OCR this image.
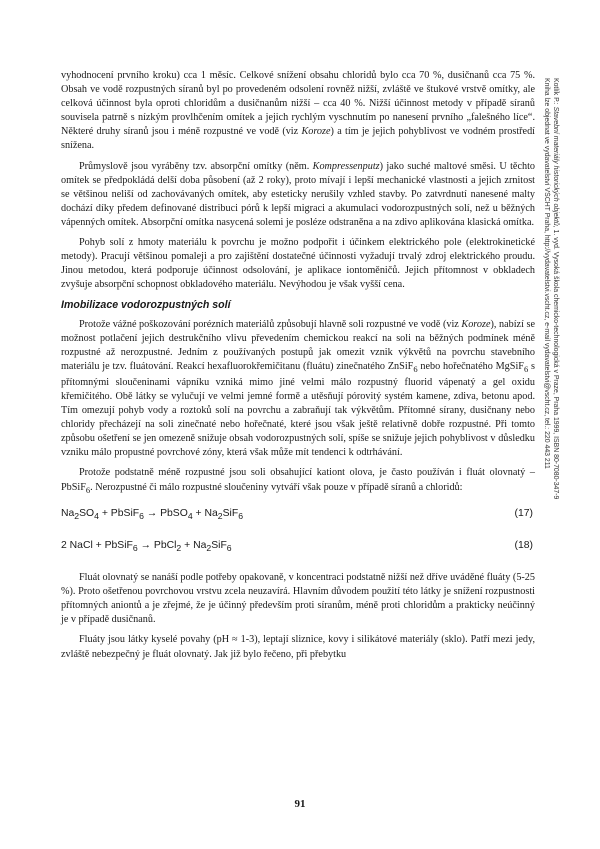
Kotlík P.: Stavební materiály historických objektů, 1. vyd. Vysoká škola chemicko-technologická v Praze, Praha 1999, ISBN 80-7080-347-9
Kniha lze objednat ve vydavatelství VŠCHT Praha, http://vydavatelstvi.vscht.cz, e-mail vydavatelstvi@vscht.cz, tel.: 220 443 211

vyhodnocení prvního kroku) cca 1 měsíc. Celkové snížení obsahu chloridů bylo cca 70 %, dusičnanů cca 75 %. Obsah ve vodě rozpustných síranů byl po provedeném odsolení rovněž nižší, zvláště ve štukové vrstvě omítky, ale celková účinnost byla oproti chloridům a dusičnanům nižší – cca 40 %. Nižší účinnost metody v případě síranů souvisela patrně s nízkým provlhčením omítek a jejich rychlým vyschnutím po nanesení prvního „falešného líce“. Některé druhy síranů jsou i méně rozpustné ve vodě (viz Koroze) a tím je jejich pohyblivost ve vodném prostředí snížena.

Průmyslově jsou vyráběny tzv. absorpční omítky (něm. Kompressenputz) jako suché maltové směsi. U těchto omítek se předpokládá delší doba působení (až 2 roky), proto mívají i lepší mechanické vlastnosti a jejich zrnitost se většinou neliší od zachovávaných omítek, aby esteticky nerušily vzhled stavby. Po zatvrdnutí nanesené malty dochází díky předem definované distribuci pórů k lepší migraci a akumulaci vodorozpustných solí, než u běžných vápenných omítek. Absorpční omítka nasycená solemi je posléze odstraněna a na zdivo aplikována klasická omítka.

Pohyb solí z hmoty materiálu k povrchu je možno podpořit i účinkem elektrického pole (elektrokinetické metody). Pracují většinou pomaleji a pro zajištění dostatečné účinnosti vyžadují trvalý zdroj elektrického proudu. Jinou metodou, která podporuje účinnost odsolování, je aplikace iontoměničů. Jejich přítomnost v obkladech zvyšuje absorpční schopnost obkladového materiálu. Nevýhodou je však vyšší cena.

Imobilizace vodorozpustných solí

Protože vážné poškozování porézních materiálů způsobují hlavně soli rozpustné ve vodě (viz Koroze), nabízí se možnost potlačení jejich destrukčního vlivu převedením chemickou reakcí na soli na běžných podmínek méně rozpustné až nerozpustné. Jedním z používaných postupů jak omezit vznik výkvětů na povrchu stavebního materiálu je tzv. fluátování. Reakcí hexafluorokřemičitanu (fluátu) zinečnatého ZnSiF$_6$ nebo hořečnatého MgSiF$_6$ s přítomnými sloučeninami vápníku vzniká mimo jiné velmi málo rozpustný fluorid vápenatý a gel oxidu křemičitého. Obě látky se vylučují ve velmi jemné formě a utěsňují pórovitý systém kamene, zdiva, betonu apod. Tím omezují pohyb vody a roztoků solí na povrchu a zabraňují tak výkvětům. Přítomné sírany, dusičnany nebo chloridy přecházejí na soli zinečnaté nebo hořečnaté, které jsou však ještě relativně dobře rozpustné. Při tomto způsobu ošetření se jen omezeně snižuje obsah vodorozpustných solí, spíše se snižuje jejich pohyblivost v důsledku vzniku málo propustné povrchové zóny, která však může mít tendenci k odtrhávání.

Protože podstatně méně rozpustné jsou soli obsahující kationt olova, je často používán i fluát olovnatý – PbSiF$_6$. Nerozpustné či málo rozpustné sloučeniny vytváří však pouze v případě síranů a chloridů:

$Na_2SO_4$ + PbSiF$_6$ → PbSO$_4$ + $Na_2SiF_6$	(17)
2 NaCl + PbSiF$_6$ → PbCl$_2$ + $Na_2SiF_6$	(18)

Fluát olovnatý se nanáší podle potřeby opakovaně, v koncentraci podstatně nižší než dříve uváděné fluáty (5-25 %). Proto ošetřenou povrchovou vrstvu zcela neuzavírá. Hlavním důvodem použití této látky je snížení rozpustnosti přítomných aniontů a je zřejmé, že je účinný především proti síranům, méně proti chloridům a prakticky neúčinný je v případě dusičnanů.

Fluáty jsou látky kyselé povahy (pH ≈ 1-3), leptají sliznice, kovy i silikátové materiály (sklo). Patří mezi jedy, zvláště nebezpečný je fluát olovnatý. Jak již bylo řečeno, při přebytku

91
